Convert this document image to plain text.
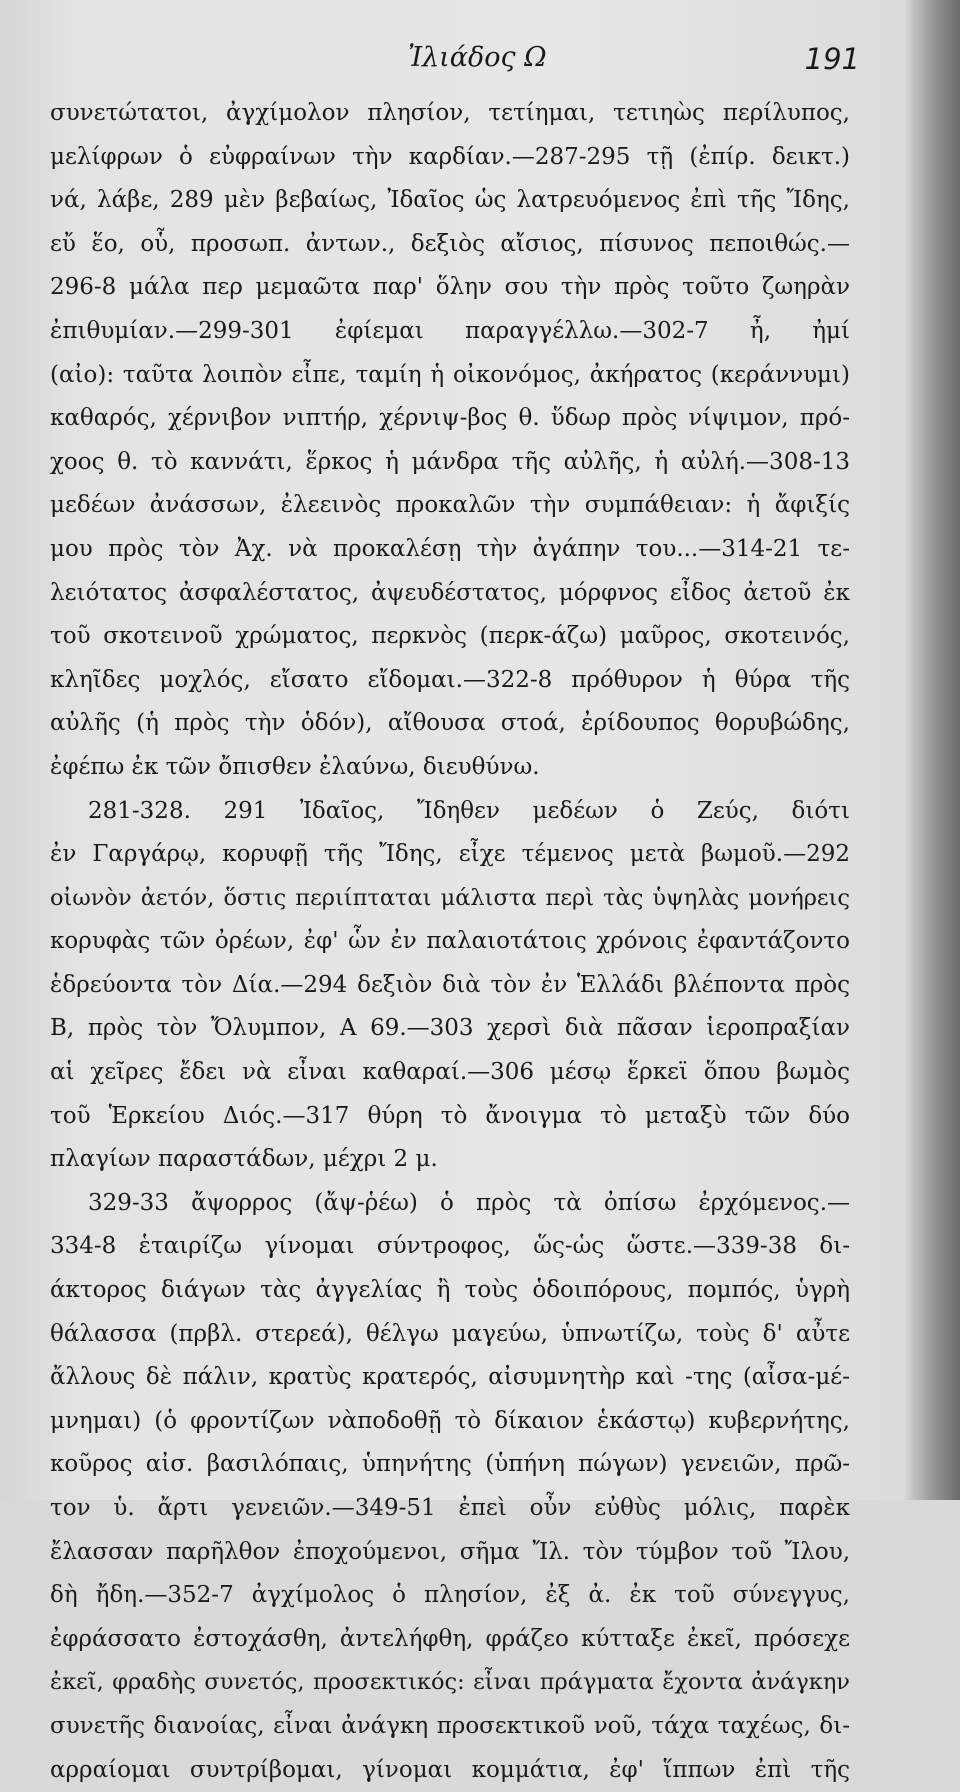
Ἰλιάδος Ω	191
συνετώτατοι, ἀγχίμολον πλησίον, τετίημαι, τετιηὼς περίλυπος,
μελίφρων ὁ εὐφραίνων τὴν καρδίαν.—287-295 τῇ (ἐπίρ. δεικτ.)
νά, λάβε, 289 μὲν βεβαίως, Ἰδαῖος ὡς λατρευόμενος ἐπὶ τῆς Ἴδης,
εὔ ἕο, οὗ, προσωπ. ἀντων., δεξιὸς αἴσιος, πίσυνος πεποιθώς.—
296-8 μάλα περ μεμαῶτα παρ' ὅλην σου τὴν πρὸς τοῦτο ζωηρὰν
ἐπιθυμίαν.—299-301 ἐφίεμαι παραγγέλλω.—302-7 ἦ, ἠμί
(αἰο): ταῦτα λοιπὸν εἶπε, ταμίη ἡ οἰκονόμος, ἀκήρατος (κεράννυμι)
καθαρός, χέρνιβον νιπτήρ, χέρνιψ-βος θ. ὕδωρ πρὸς νίψιμον, πρό-
χοος θ. τὸ καννάτι, ἕρκος ἡ μάνδρα τῆς αὐλῆς, ἡ αὐλή.—308-13
μεδέων ἀνάσσων, ἐλεεινὸς προκαλῶν τὴν συμπάθειαν: ἡ ἄφιξίς
μου πρὸς τὸν Ἀχ. νὰ προκαλέσῃ τὴν ἀγάπην του...—314-21 τε-
λειότατος ἀσφαλέστατος, ἀψευδέστατος, μόρφνος εἶδος ἀετοῦ ἐκ
τοῦ σκοτεινοῦ χρώματος, περκνὸς (περκ-άζω) μαῦρος, σκοτεινός,
κληῖδες μοχλός, εἴσατο εἴδομαι.—322-8 πρόθυρον ἡ θύρα τῆς
αὐλῆς (ἡ πρὸς τὴν ὁδόν), αἴθουσα στοά, ἐρίδουπος θορυβώδης,
ἐφέπω ἐκ τῶν ὄπισθεν ἐλαύνω, διευθύνω.
281-328. 291 Ἰδαῖος, Ἴδηθεν μεδέων ὁ Ζεύς, διότι
ἐν Γαργάρῳ, κορυφῇ τῆς Ἴδης, εἶχε τέμενος μετὰ βωμοῦ.—292
οἰωνὸν ἀετόν, ὅστις περιίπταται μάλιστα περὶ τὰς ὑψηλὰς μονήρεις
κορυφὰς τῶν ὀρέων, ἐφ' ὧν ἐν παλαιοτάτοις χρόνοις ἐφαντάζοντο
ἑδρεύοντα τὸν Δία.—294 δεξιὸν διὰ τὸν ἐν Ἑλλάδι βλέποντα πρὸς
Β, πρὸς τὸν Ὄλυμπον, Α 69.—303 χερσὶ διὰ πᾶσαν ἱεροπραξίαν
αἱ χεῖρες ἔδει νὰ εἶναι καθαραί.—306 μέσῳ ἕρκεϊ ὅπου βωμὸς
τοῦ Ἑρκείου Διός.—317 θύρη τὸ ἄνοιγμα τὸ μεταξὺ τῶν δύο
πλαγίων παραστάδων, μέχρι 2 μ.
329-33 ἄψορρος (ἄψ-ῥέω) ὁ πρὸς τὰ ὀπίσω ἐρχόμενος.—
334-8 ἑταιρίζω γίνομαι σύντροφος, ὥς-ὡς ὥστε.—339-38 δι-
άκτορος διάγων τὰς ἀγγελίας ἢ τοὺς ὁδοιπόρους, πομπός, ὑγρὴ
θάλασσα (πρβλ. στερεά), θέλγω μαγεύω, ὑπνωτίζω, τοὺς δ' αὖτε
ἄλλους δὲ πάλιν, κρατὺς κρατερός, αἰσυμνητὴρ καὶ -της (αἶσα-μέ-
μνημαι) (ὁ φροντίζων νὰποδοθῇ τὸ δίκαιον ἑκάστῳ) κυβερνήτης,
κοῦρος αἰσ. βασιλόπαις, ὑπηνήτης (ὑπήνη πώγων) γενειῶν, πρῶ-
τον ὑ. ἄρτι γενειῶν.—349-51 ἐπεὶ οὖν εὐθὺς μόλις, παρὲκ
ἔλασσαν παρῆλθον ἐποχούμενοι, σῆμα Ἴλ. τὸν τύμβον τοῦ Ἴλου,
δὴ ἤδη.—352-7 ἀγχίμολος ὁ πλησίον, ἐξ ἀ. ἐκ τοῦ σύνεγγυς,
ἐφράσσατο ἐστοχάσθη, ἀντελήφθη, φράζεο κύτταξε ἐκεῖ, πρόσεχε
ἐκεῖ, φραδὴς συνετός, προσεκτικός: εἶναι πράγματα ἔχοντα ἀνάγκην
συνετῆς διανοίας, εἶναι ἀνάγκη προσεκτικοῦ νοῦ, τάχα ταχέως, δι-
αρραίομαι συντρίβομαι, γίνομαι κομμάτια, ἐφ' ἵππων ἐπὶ τῆς
